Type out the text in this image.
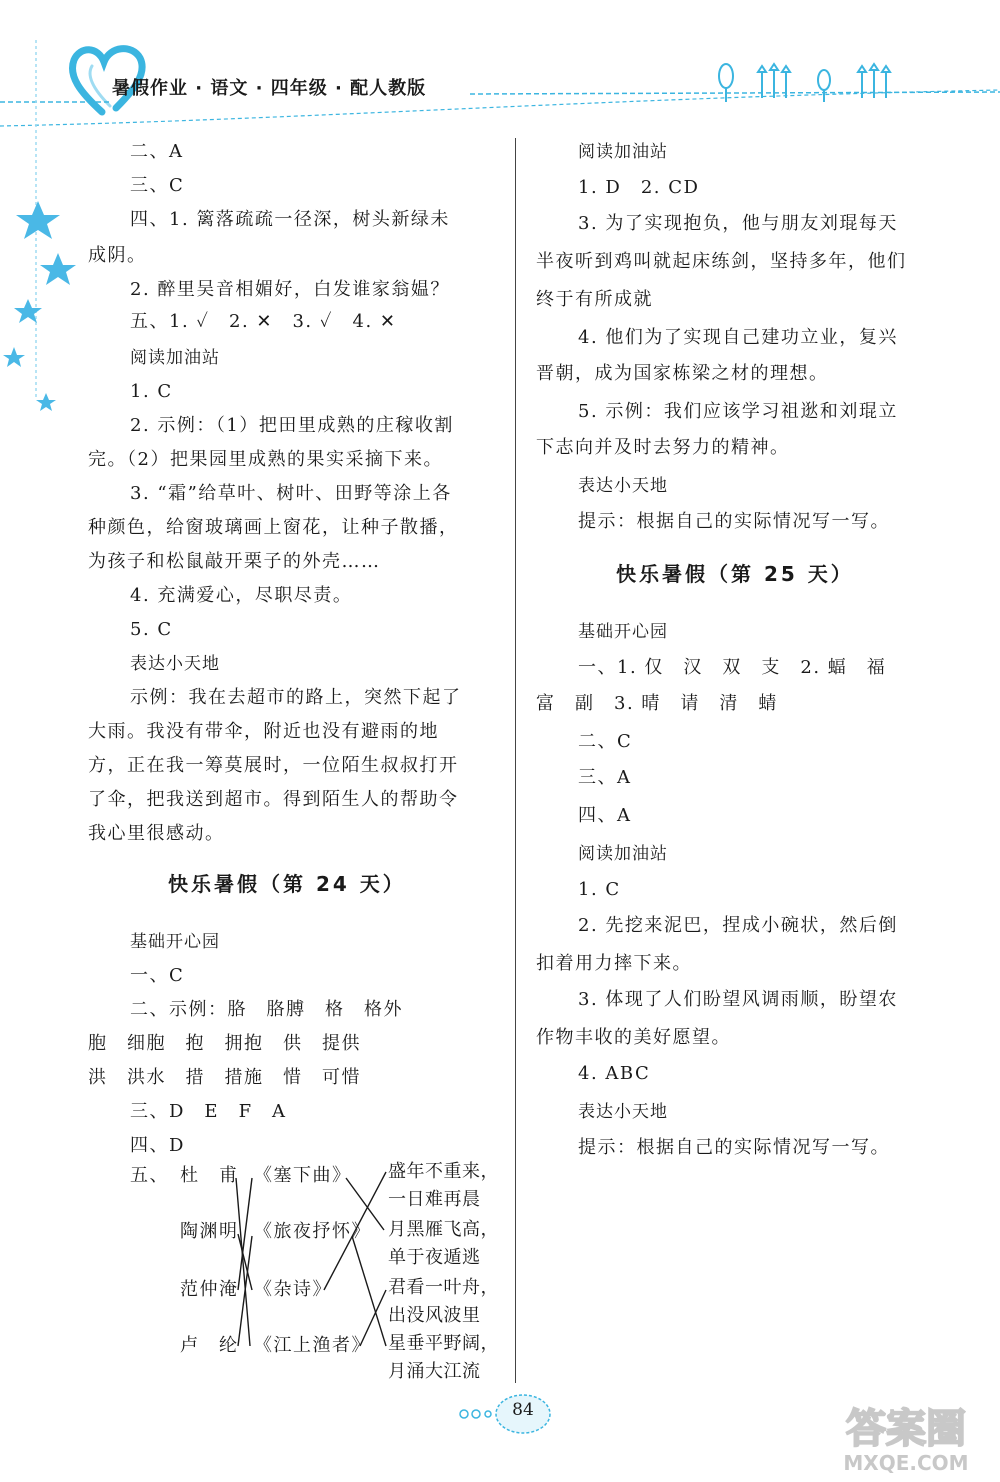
暑假作业 · 语文 · 四年级 · 配人教版
二、A
三、C
四、1. 篱落疏疏一径深，树头新绿未
成阴。
2. 醉里吴音相媚好，白发谁家翁媪？
五、1. ✓　2. ✕　3. ✓　4. ✕
阅读加油站
1. C
2. 示例：（1）把田里成熟的庄稼收割
完。（2）把果园里成熟的果实采摘下来。
3. “霜”给草叶、树叶、田野等涂上各
种颜色，给窗玻璃画上窗花，让种子散播，
为孩子和松鼠敲开栗子的外壳……
4. 充满爱心，尽职尽责。
5. C
表达小天地
示例：我在去超市的路上，突然下起了
大雨。我没有带伞，附近也没有避雨的地
方，正在我一筹莫展时，一位陌生叔叔打开
了伞，把我送到超市。得到陌生人的帮助令
我心里很感动。
快乐暑假（第 24 天）
基础开心园
一、C
二、示例：胳　胳膊　格　格外
胞　细胞　抱　拥抱　供　提供
洪　洪水　措　措施　惜　可惜
三、D　E　F　A
四、D
五、 杜　甫
陶渊明
范仲淹
卢　纶
《塞下曲》
《旅夜抒怀》
《杂诗》
《江上渔者》
盛年不重来，
一日难再晨
月黑雁飞高，
单于夜遁逃
君看一叶舟，
出没风波里
星垂平野阔，
月涌大江流
阅读加油站
1. D　2. CD
3. 为了实现抱负，他与朋友刘琨每天
半夜听到鸡叫就起床练剑，坚持多年，他们
终于有所成就
4. 他们为了实现自己建功立业，复兴
晋朝，成为国家栋梁之材的理想。
5. 示例：我们应该学习祖逖和刘琨立
下志向并及时去努力的精神。
表达小天地
提示：根据自己的实际情况写一写。
快乐暑假（第 25 天）
基础开心园
一、1. 仅　汉　双　支　2. 蝠　福
富　副　3. 晴　请　清　蜻
二、C
三、A
四、A
阅读加油站
1. C
2. 先挖来泥巴，捏成小碗状，然后倒
扣着用力摔下来。
3. 体现了人们盼望风调雨顺，盼望农
作物丰收的美好愿望。
4. ABC
表达小天地
提示：根据自己的实际情况写一写。
84	答案圈
MXQE.COM
